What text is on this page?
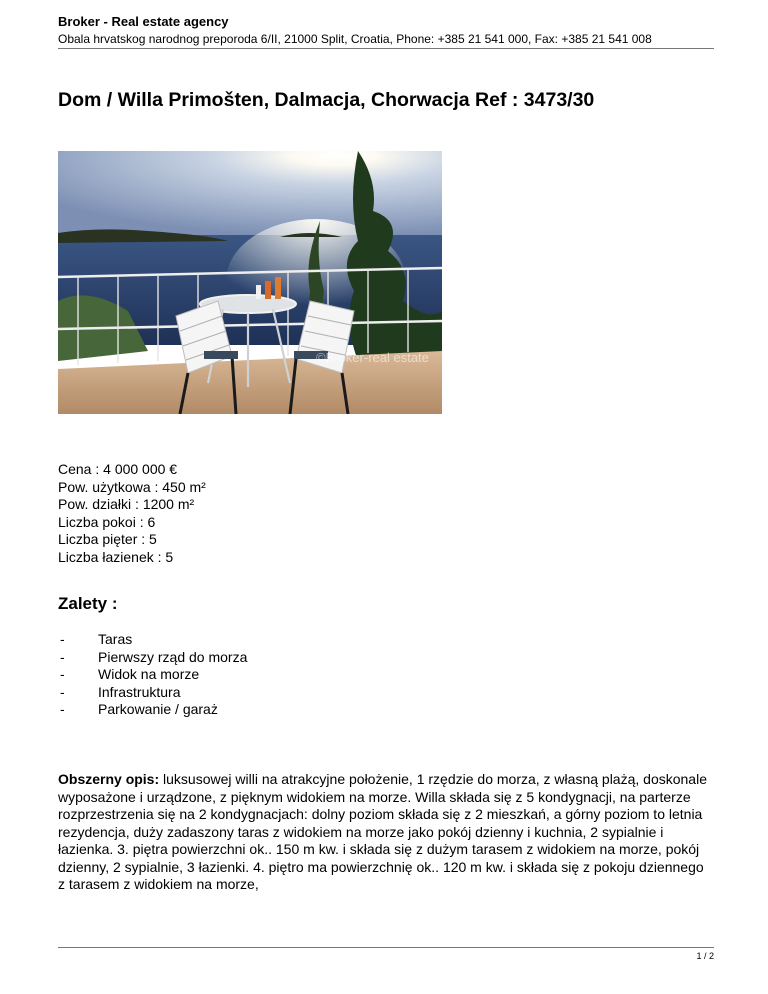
Broker - Real estate agency
Obala hrvatskog narodnog preporoda 6/II, 21000 Split, Croatia, Phone: +385 21 541 000, Fax: +385 21 541 008
Dom / Willa Primošten, Dalmacja, Chorwacja Ref : 3473/30
©Broker-real estate
Cena : 4 000 000 €
Pow. użytkowa : 450 m²
Pow. działki : 1200 m²
Liczba pokoi : 6
Liczba pięter : 5
Liczba łazienek : 5
Zalety :
- Taras
- Pierwszy rząd do morza
- Widok na morze
- Infrastruktura
- Parkowanie / garaż
Obszerny opis: luksusowej willi na atrakcyjne położenie, 1 rzędzie do morza, z własną plażą, doskonale wyposażone i urządzone, z pięknym widokiem na morze. Willa składa się z 5 kondygnacji, na parterze rozprzestrzenia się na 2 kondygnacjach: dolny poziom składa się z 2 mieszkań, a górny poziom to letnia rezydencja, duży zadaszony taras z widokiem na morze jako pokój dzienny i kuchnia, 2 sypialnie i łazienka. 3. piętra powierzchni ok.. 150 m kw. i składa się z dużym tarasem z widokiem na morze, pokój dzienny, 2 sypialnie, 3 łazienki. 4. piętro ma powierzchnię ok.. 120 m kw. i składa się z pokoju dziennego z tarasem z widokiem na morze,
1 / 2
